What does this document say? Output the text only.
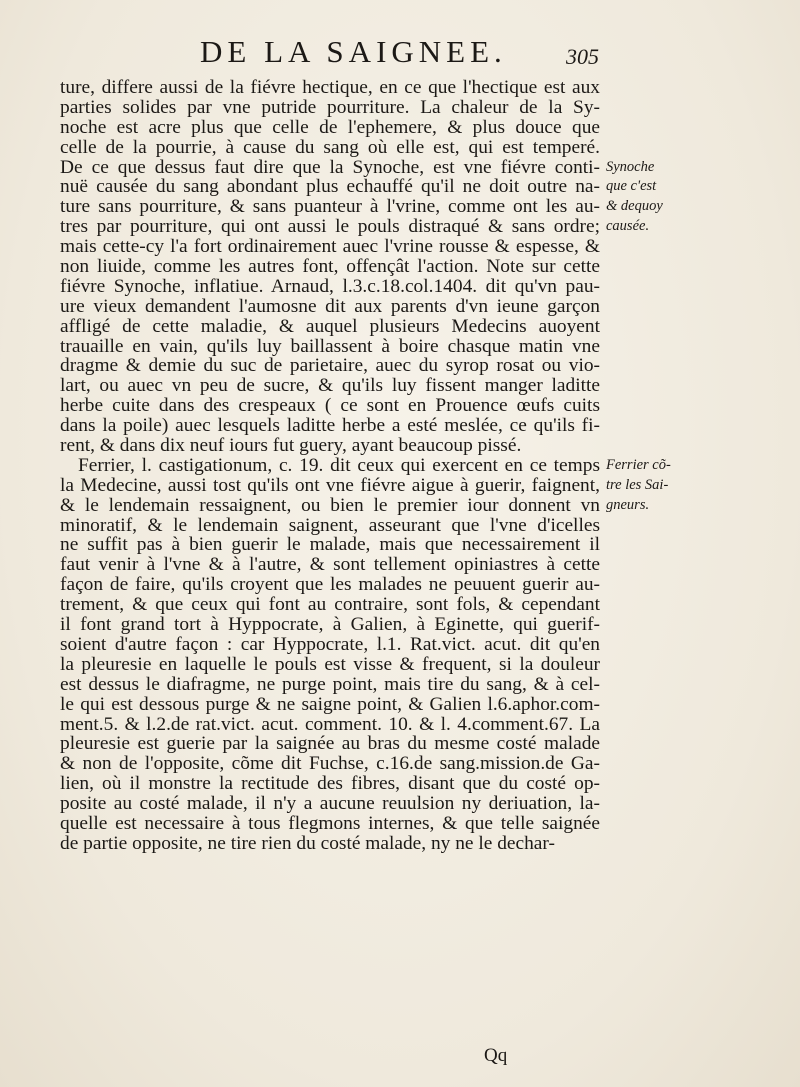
DE LA SAIGNEE.	305
ture, differe aussi de la fiévre hectique, en ce que l'hectique est aux
parties solides par vne putride pourriture. La chaleur de la Sy-
noche est acre plus que celle de l'ephemere, & plus douce que
celle de la pourrie, à cause du sang où elle est, qui est temperé.
De ce que dessus faut dire que la Synoche, est vne fiévre conti-
nuë causée du sang abondant plus echauffé qu'il ne doit outre na-
ture sans pourriture, & sans puanteur à l'vrine, comme ont les au-
tres par pourriture, qui ont aussi le pouls distraqué & sans ordre;
mais cette-cy l'a fort ordinairement auec l'vrine rousse & espesse, &
non liuide, comme les autres font, offençât l'action. Note sur cette
fiévre Synoche, inflatiue. Arnaud, l.3.c.18.col.1404. dit qu'vn pau-
ure vieux demandent l'aumosne dit aux parents d'vn ieune garçon
affligé de cette maladie, & auquel plusieurs Medecins auoyent
trauaille en vain, qu'ils luy baillassent à boire chasque matin vne
dragme & demie du suc de parietaire, auec du syrop rosat ou vio-
lart, ou auec vn peu de sucre, & qu'ils luy fissent manger laditte
herbe cuite dans des crespeaux ( ce sont en Prouence œufs cuits
dans la poile) auec lesquels laditte herbe a esté meslée, ce qu'ils fi-
rent, & dans dix neuf iours fut guery, ayant beaucoup pissé.
Ferrier, l. castigationum, c. 19. dit ceux qui exercent en ce temps
la Medecine, aussi tost qu'ils ont vne fiévre aigue à guerir, faignent,
& le lendemain ressaignent, ou bien le premier iour donnent vn
minoratif, & le lendemain saignent, asseurant que l'vne d'icelles
ne suffit pas à bien guerir le malade, mais que necessairement il
faut venir à l'vne & à l'autre, & sont tellement opiniastres à cette
façon de faire, qu'ils croyent que les malades ne peuuent guerir au-
trement, & que ceux qui font au contraire, sont fols, & cependant
il font grand tort à Hyppocrate, à Galien, à Eginette, qui guerif-
soient d'autre façon : car Hyppocrate, l.1. Rat.vict. acut. dit qu'en
la pleuresie en laquelle le pouls est visse & frequent, si la douleur
est dessus le diafragme, ne purge point, mais tire du sang, & à cel-
le qui est dessous purge & ne saigne point, & Galien l.6.aphor.com-
ment.5. & l.2.de rat.vict. acut. comment. 10. & l. 4.comment.67. La
pleuresie est guerie par la saignée au bras du mesme costé malade
& non de l'opposite, cõme dit Fuchse, c.16.de sang.mission.de Ga-
lien, où il monstre la rectitude des fibres, disant que du costé op-
posite au costé malade, il n'y a aucune reuulsion ny deriuation, la-
quelle est necessaire à tous flegmons internes, & que telle saignée
de partie opposite, ne tire rien du costé malade, ny ne le dechar-
Synoche
que c'est
& dequoy
causée.
Ferrier cõ-
tre les Sai-
gneurs.
Qq
